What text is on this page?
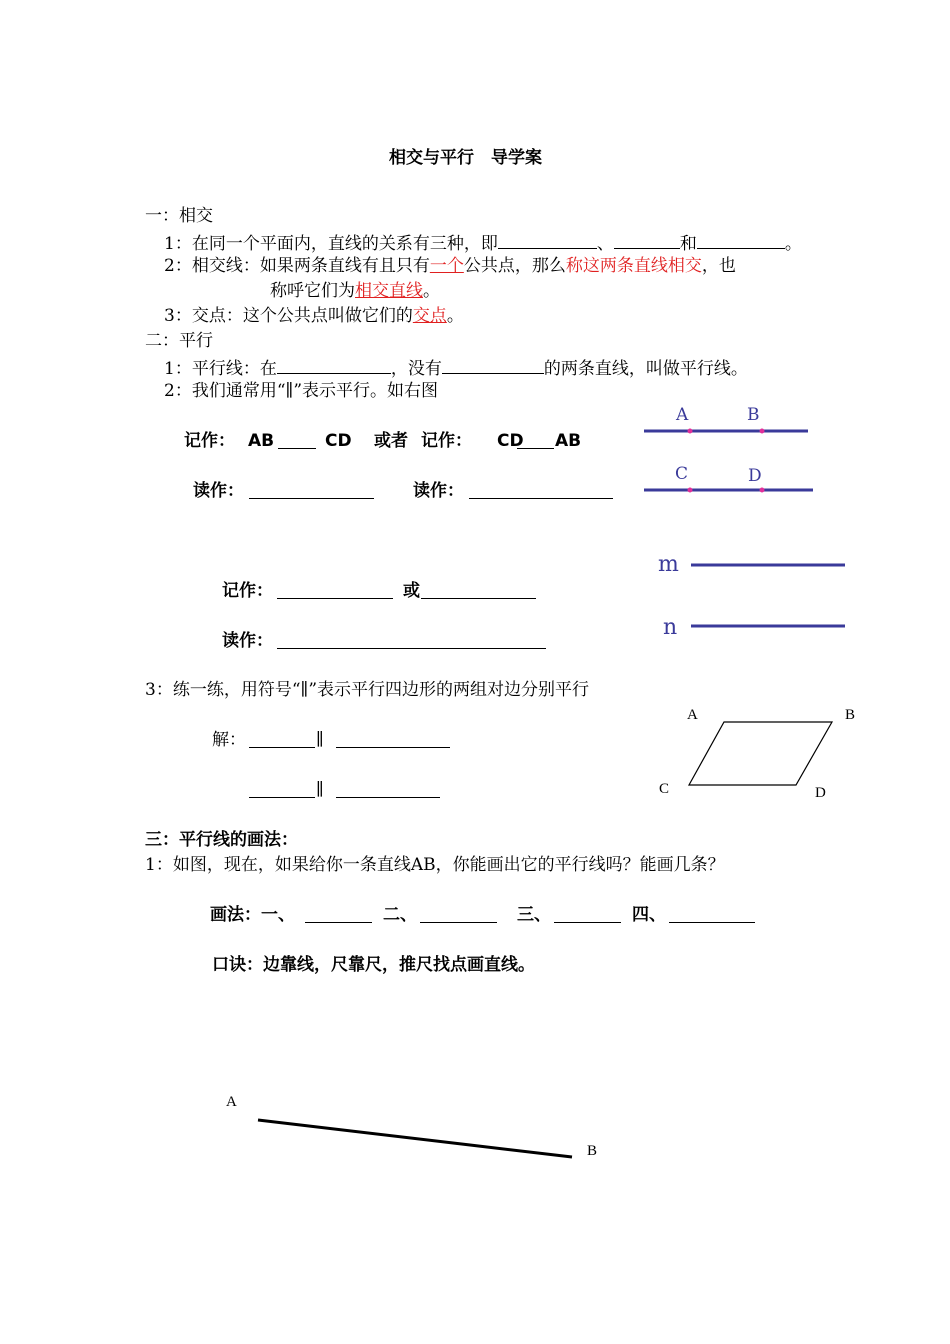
相交与平行　导学案
一：相交
1：在同一个平面内，直线的关系有三种，即	、	和	。
2：相交线：如果两条直线有且只有一个公共点，那么称这两条直线相交，也
称呼它们为相交直线。
3：交点：这个公共点叫做它们的交点。
二：平行
1：平行线：在	，没有	的两条直线，叫做平行线。
2：我们通常用“∥”表示平行。如右图
记作： AB	CD 或者 记作： CD AB
读作：	读作：
A	B
C	D
记作：	或
读作：
m
n
3：练一练，用符号“∥”表示平行四边形的两组对边分别平行
解：	∥
∥
A	B
C	D
三：平行线的画法：
1：如图，现在，如果给你一条直线AB，你能画出它的平行线吗？能画几条？
画法：一、	二、	三、	四、
口诀：边靠线，尺靠尺，推尺找点画直线。
A
B
